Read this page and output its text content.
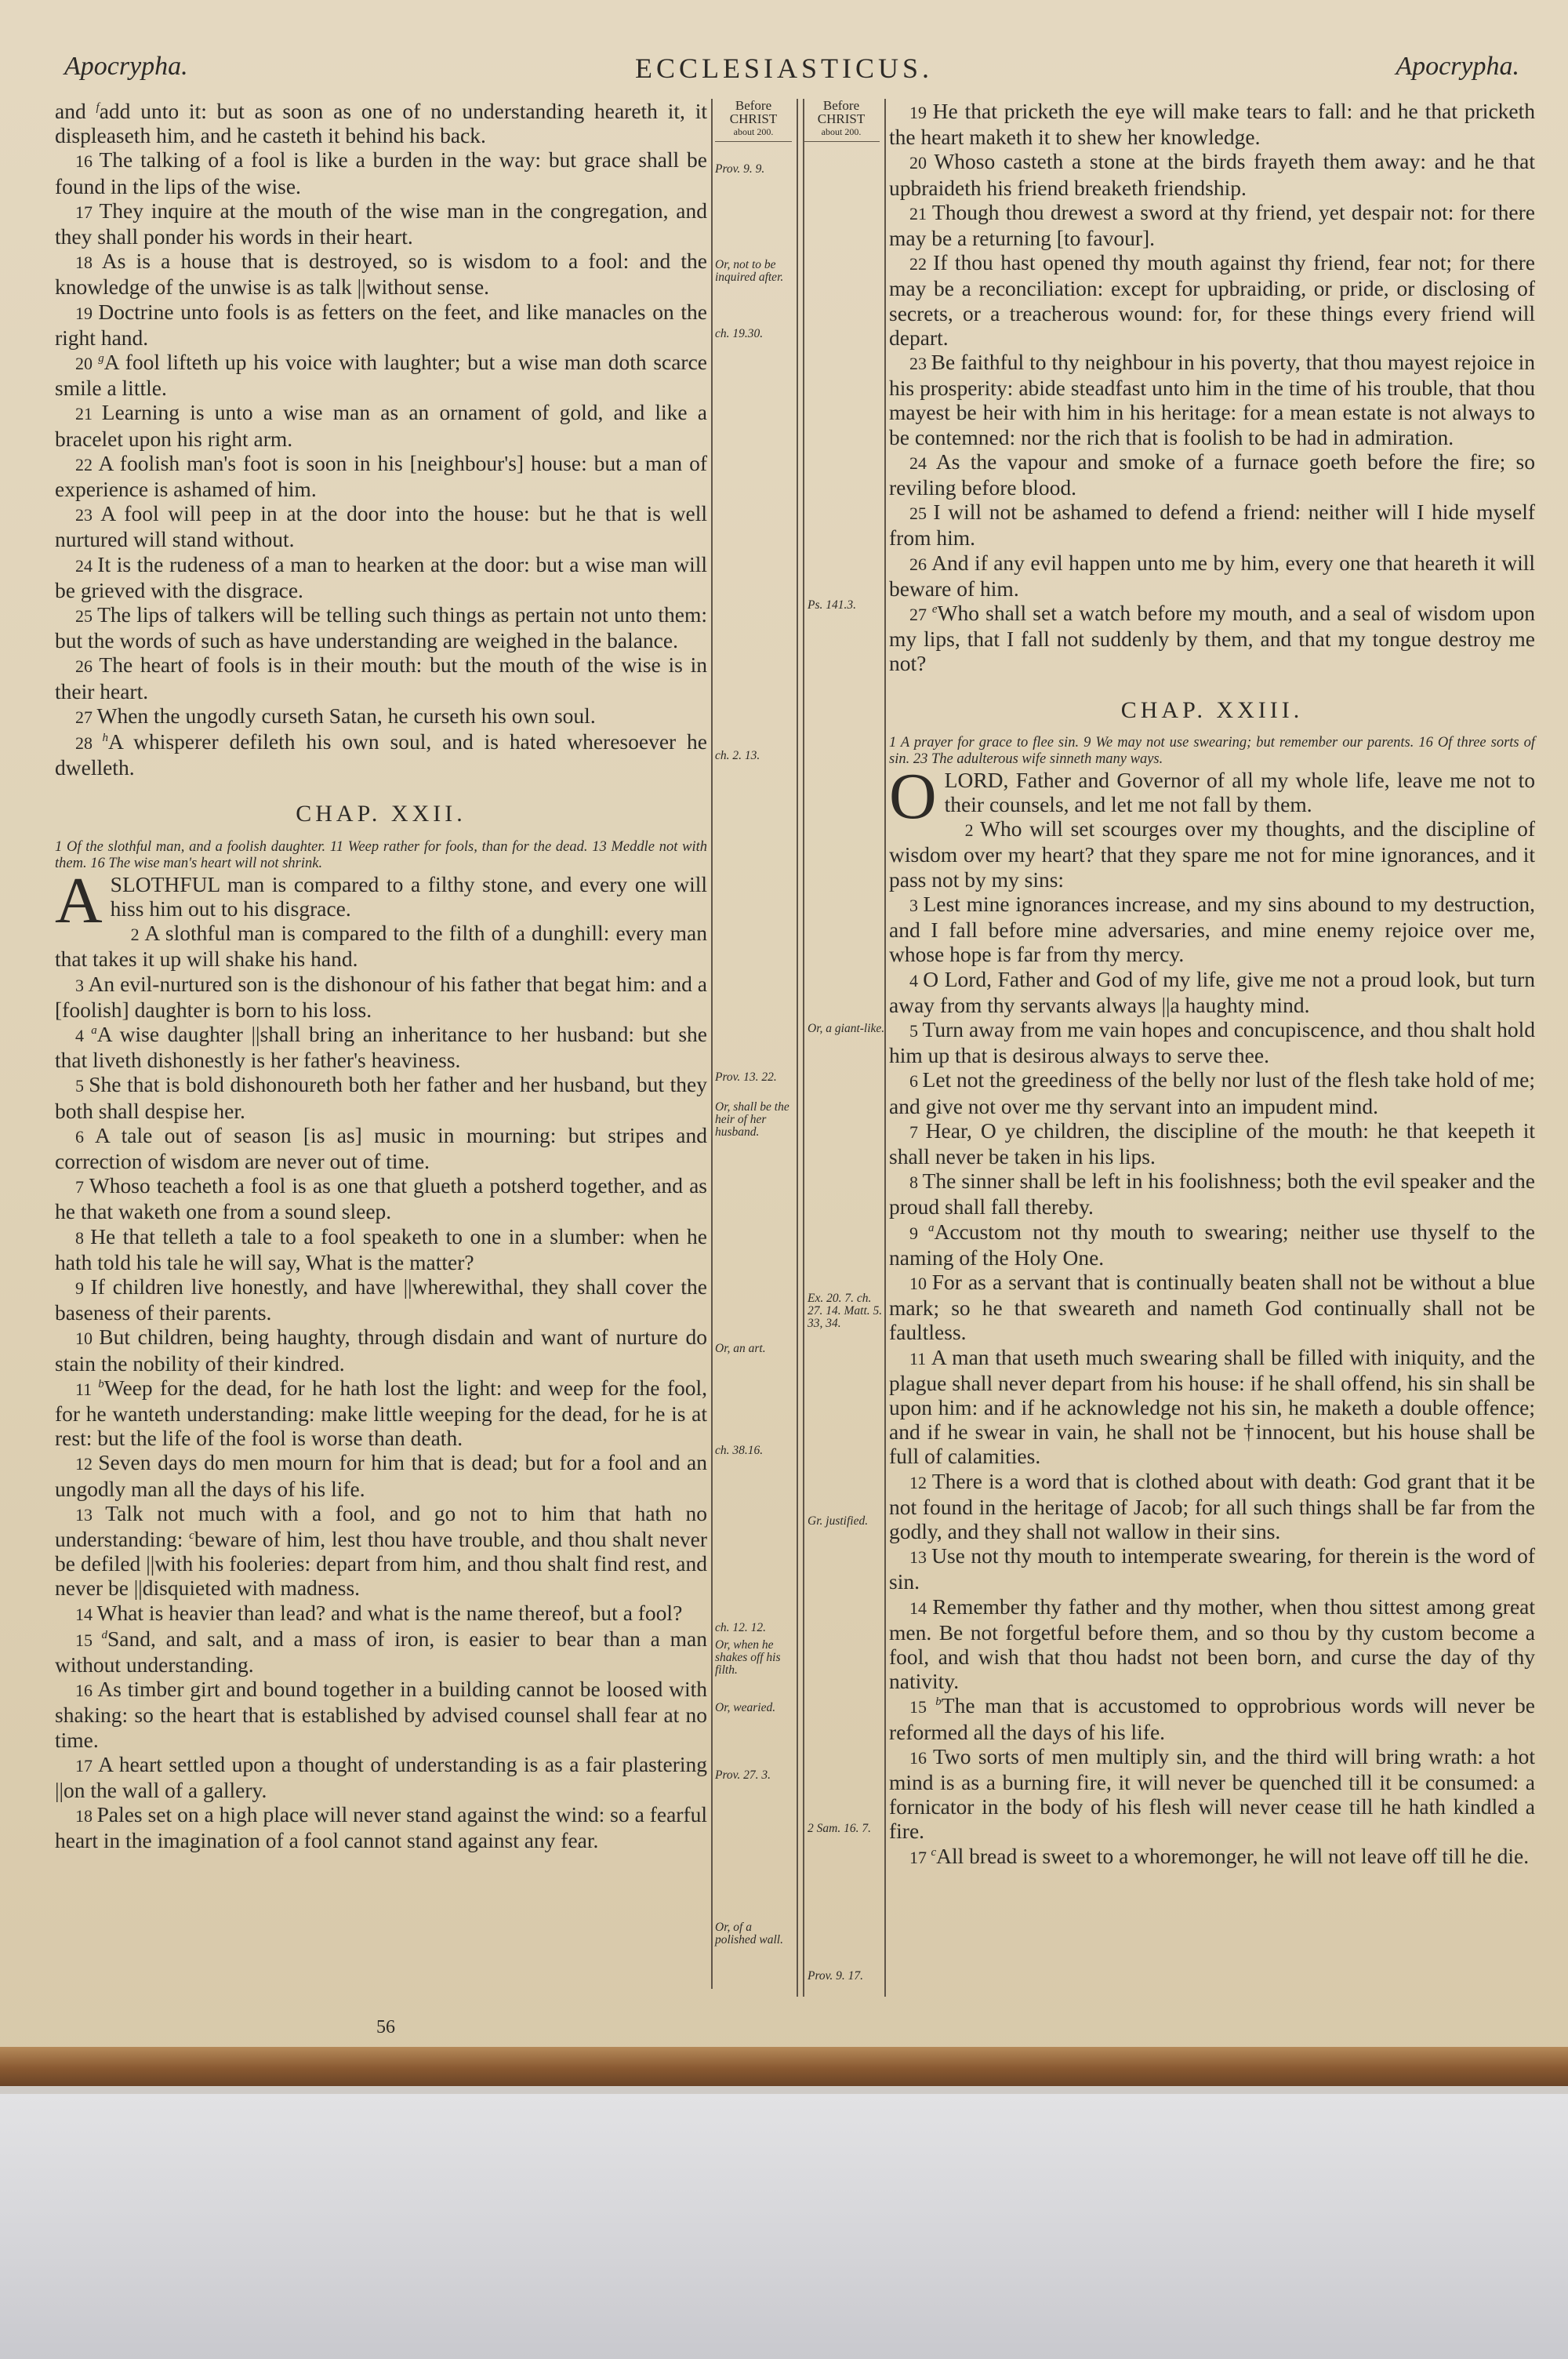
Apocrypha.	ECCLESIASTICUS.	Apocrypha.
Before
CHRIST

about 200.
Before
CHRIST

about 200.

and $^f$add unto it: but as soon as one of no understanding heareth it, it displeaseth him, and he casteth it behind his back.

16 The talking of a fool is like a burden in the way: but grace shall be found in the lips of the wise.

17 They inquire at the mouth of the wise man in the congregation, and they shall ponder his words in their heart.

18 As is a house that is destroyed, so is wisdom to a fool: and the knowledge of the unwise is as talk ||without sense.

19 Doctrine unto fools is as fetters on the feet, and like manacles on the right hand.

20 $^g$A fool lifteth up his voice with laughter; but a wise man doth scarce smile a little.

21 Learning is unto a wise man as an ornament of gold, and like a bracelet upon his right arm.

22 A foolish man's foot is soon in his [neighbour's] house: but a man of experience is ashamed of him.

23 A fool will peep in at the door into the house: but he that is well nurtured will stand without.

24 It is the rudeness of a man to hearken at the door: but a wise man will be grieved with the disgrace.

25 The lips of talkers will be telling such things as pertain not unto them: but the words of such as have understanding are weighed in the balance.

26 The heart of fools is in their mouth: but the mouth of the wise is in their heart.

27 When the ungodly curseth Satan, he curseth his own soul.

28 $^h$A whisperer defileth his own soul, and is hated wheresoever he dwelleth.

CHAP. XXII.

1 Of the slothful man, and a foolish daughter. 11 Weep rather for fools, than for the dead. 13 Meddle not with them. 16 The wise man's heart will not shrink.

ASLOTHFUL man is compared to a filthy stone, and every one will hiss him out to his disgrace.

2 A slothful man is compared to the filth of a dunghill: every man that takes it up will shake his hand.

3 An evil-nurtured son is the dishonour of his father that begat him: and a [foolish] daughter is born to his loss.

4 $^a$A wise daughter ||shall bring an inheritance to her husband: but she that liveth dishonestly is her father's heaviness.

5 She that is bold dishonoureth both her father and her husband, but they both shall despise her.

6 A tale out of season [is as] music in mourning: but stripes and correction of wisdom are never out of time.

7 Whoso teacheth a fool is as one that glueth a potsherd together, and as he that waketh one from a sound sleep.

8 He that telleth a tale to a fool speaketh to one in a slumber: when he hath told his tale he will say, What is the matter?

9 If children live honestly, and have ||wherewithal, they shall cover the baseness of their parents.

10 But children, being haughty, through disdain and want of nurture do stain the nobility of their kindred.

11 $^b$Weep for the dead, for he hath lost the light: and weep for the fool, for he wanteth understanding: make little weeping for the dead, for he is at rest: but the life of the fool is worse than death.

12 Seven days do men mourn for him that is dead; but for a fool and an ungodly man all the days of his life.

13 Talk not much with a fool, and go not to him that hath no understanding: $^c$beware of him, lest thou have trouble, and thou shalt never be defiled ||with his fooleries: depart from him, and thou shalt find rest, and never be ||disquieted with madness.

14 What is heavier than lead? and what is the name thereof, but a fool?

15 $^d$Sand, and salt, and a mass of iron, is easier to bear than a man without understanding.

16 As timber girt and bound together in a building cannot be loosed with shaking: so the heart that is established by advised counsel shall fear at no time.

17 A heart settled upon a thought of understanding is as a fair plastering ||on the wall of a gallery.

18 Pales set on a high place will never stand against the wind: so a fearful heart in the imagination of a fool cannot stand against any fear.

Prov. 9. 9.
Or, not to be inquired after.
ch. 19.30.
ch. 2. 13.
Prov. 13. 22.
Or, shall be the heir of her husband.
Or, an art.
ch. 38.16.
ch. 12. 12.
Or, when he shakes off his filth.
Or, wearied.
Prov. 27. 3.
Or, of a polished wall.
Ps. 141.3.
Or, a giant-like.
Ex. 20. 7. ch. 27. 14. Matt. 5. 33, 34.
Gr. justified.
2 Sam. 16. 7.
Prov. 9. 17.

19 He that pricketh the eye will make tears to fall: and he that pricketh the heart maketh it to shew her knowledge.

20 Whoso casteth a stone at the birds frayeth them away: and he that upbraideth his friend breaketh friendship.

21 Though thou drewest a sword at thy friend, yet despair not: for there may be a returning [to favour].

22 If thou hast opened thy mouth against thy friend, fear not; for there may be a reconciliation: except for upbraiding, or pride, or disclosing of secrets, or a treacherous wound: for, for these things every friend will depart.

23 Be faithful to thy neighbour in his poverty, that thou mayest rejoice in his prosperity: abide steadfast unto him in the time of his trouble, that thou mayest be heir with him in his heritage: for a mean estate is not always to be contemned: nor the rich that is foolish to be had in admiration.

24 As the vapour and smoke of a furnace goeth before the fire; so reviling before blood.

25 I will not be ashamed to defend a friend: neither will I hide myself from him.

26 And if any evil happen unto me by him, every one that heareth it will beware of him.

27 $^e$Who shall set a watch before my mouth, and a seal of wisdom upon my lips, that I fall not suddenly by them, and that my tongue destroy me not?

CHAP. XXIII.

1 A prayer for grace to flee sin. 9 We may not use swearing; but remember our parents. 16 Of three sorts of sin. 23 The adulterous wife sinneth many ways.

OLORD, Father and Governor of all my whole life, leave me not to their counsels, and let me not fall by them.

2 Who will set scourges over my thoughts, and the discipline of wisdom over my heart? that they spare me not for mine ignorances, and it pass not by my sins:

3 Lest mine ignorances increase, and my sins abound to my destruction, and I fall before mine adversaries, and mine enemy rejoice over me, whose hope is far from thy mercy.

4 O Lord, Father and God of my life, give me not a proud look, but turn away from thy servants always ||a haughty mind.

5 Turn away from me vain hopes and concupiscence, and thou shalt hold him up that is desirous always to serve thee.

6 Let not the greediness of the belly nor lust of the flesh take hold of me; and give not over me thy servant into an impudent mind.

7 Hear, O ye children, the discipline of the mouth: he that keepeth it shall never be taken in his lips.

8 The sinner shall be left in his foolishness; both the evil speaker and the proud shall fall thereby.

9 $^a$Accustom not thy mouth to swearing; neither use thyself to the naming of the Holy One.

10 For as a servant that is continually beaten shall not be without a blue mark; so he that sweareth and nameth God continually shall not be faultless.

11 A man that useth much swearing shall be filled with iniquity, and the plague shall never depart from his house: if he shall offend, his sin shall be upon him: and if he acknowledge not his sin, he maketh a double offence; and if he swear in vain, he shall not be †innocent, but his house shall be full of calamities.

12 There is a word that is clothed about with death: God grant that it be not found in the heritage of Jacob; for all such things shall be far from the godly, and they shall not wallow in their sins.

13 Use not thy mouth to intemperate swearing, for therein is the word of sin.

14 Remember thy father and thy mother, when thou sittest among great men. Be not forgetful before them, and so thou by thy custom become a fool, and wish that thou hadst not been born, and curse the day of thy nativity.

15 $^b$The man that is accustomed to opprobrious words will never be reformed all the days of his life.

16 Two sorts of men multiply sin, and the third will bring wrath: a hot mind is as a burning fire, it will never be quenched till it be consumed: a fornicator in the body of his flesh will never cease till he hath kindled a fire.

17 $^c$All bread is sweet to a whoremonger, he will not leave off till he die.

56
